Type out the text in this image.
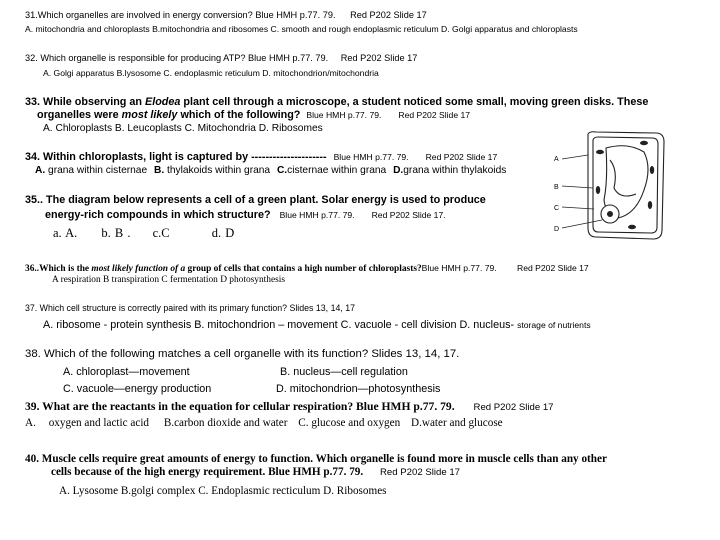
31.Which organelles are involved in energy conversion? Blue HMH p.77. 79. Red P202 Slide 17
A. mitochondria and chloroplasts B.mitochondria and ribosomes C. smooth and rough endoplasmic reticulum D. Golgi apparatus and chloroplasts
32. Which organelle is responsible for producing ATP? Blue HMH p.77. 79. Red P202 Slide 17
A. Golgi apparatus B.lysosome C. endoplasmic reticulum D. mitochondrion/mitochondria
33. While observing an Elodea plant cell through a microscope, a student noticed some small, moving green disks. These
organelles were most likely which of the following? Blue HMH p.77. 79. Red P202 Slide 17
A. Chloroplasts B. Leucoplasts C. Mitochondria D. Ribosomes
34. Within chloroplasts, light is captured by --------------------- Blue HMH p.77. 79. Red P202 Slide 17
A. grana within cisternae B. thylakoids within grana C.cisternae within grana D.grana within thylakoids
35.. The diagram below represents a cell of a green plant. Solar energy is used to produce
energy-rich compounds in which structure? Blue HMH p.77. 79. Red P202 Slide 17.
a. A. b. B . c.C	d. D
A
B
C
D
36..Which is the most likely function of a group of cells that contains a high number of chloroplasts?Blue HMH p.77. 79. Red P202 Slide 17
A respiration B transpiration C fermentation D photosynthesis
37. Which cell structure is correctly paired with its primary function? Slides 13, 14, 17
A. ribosome - protein synthesis B. mitochondrion – movement C. vacuole - cell division D. nucleus- storage of nutrients
38. Which of the following matches a cell organelle with its function? Slides 13, 14, 17.
A. chloroplast—movement	B. nucleus—cell regulation
C. vacuole—energy production	D. mitochondrion—photosynthesis
39. What are the reactants in the equation for cellular respiration? Blue HMH p.77. 79. Red P202 Slide 17
A. oxygen and lactic acid B.carbon dioxide and water C. glucose and oxygen D.water and glucose
40. Muscle cells require great amounts of energy to function. Which organelle is found more in muscle cells than any other
cells because of the high energy requirement. Blue HMH p.77. 79. Red P202 Slide 17
A. Lysosome B.golgi complex C. Endoplasmic recticulum D. Ribosomes
